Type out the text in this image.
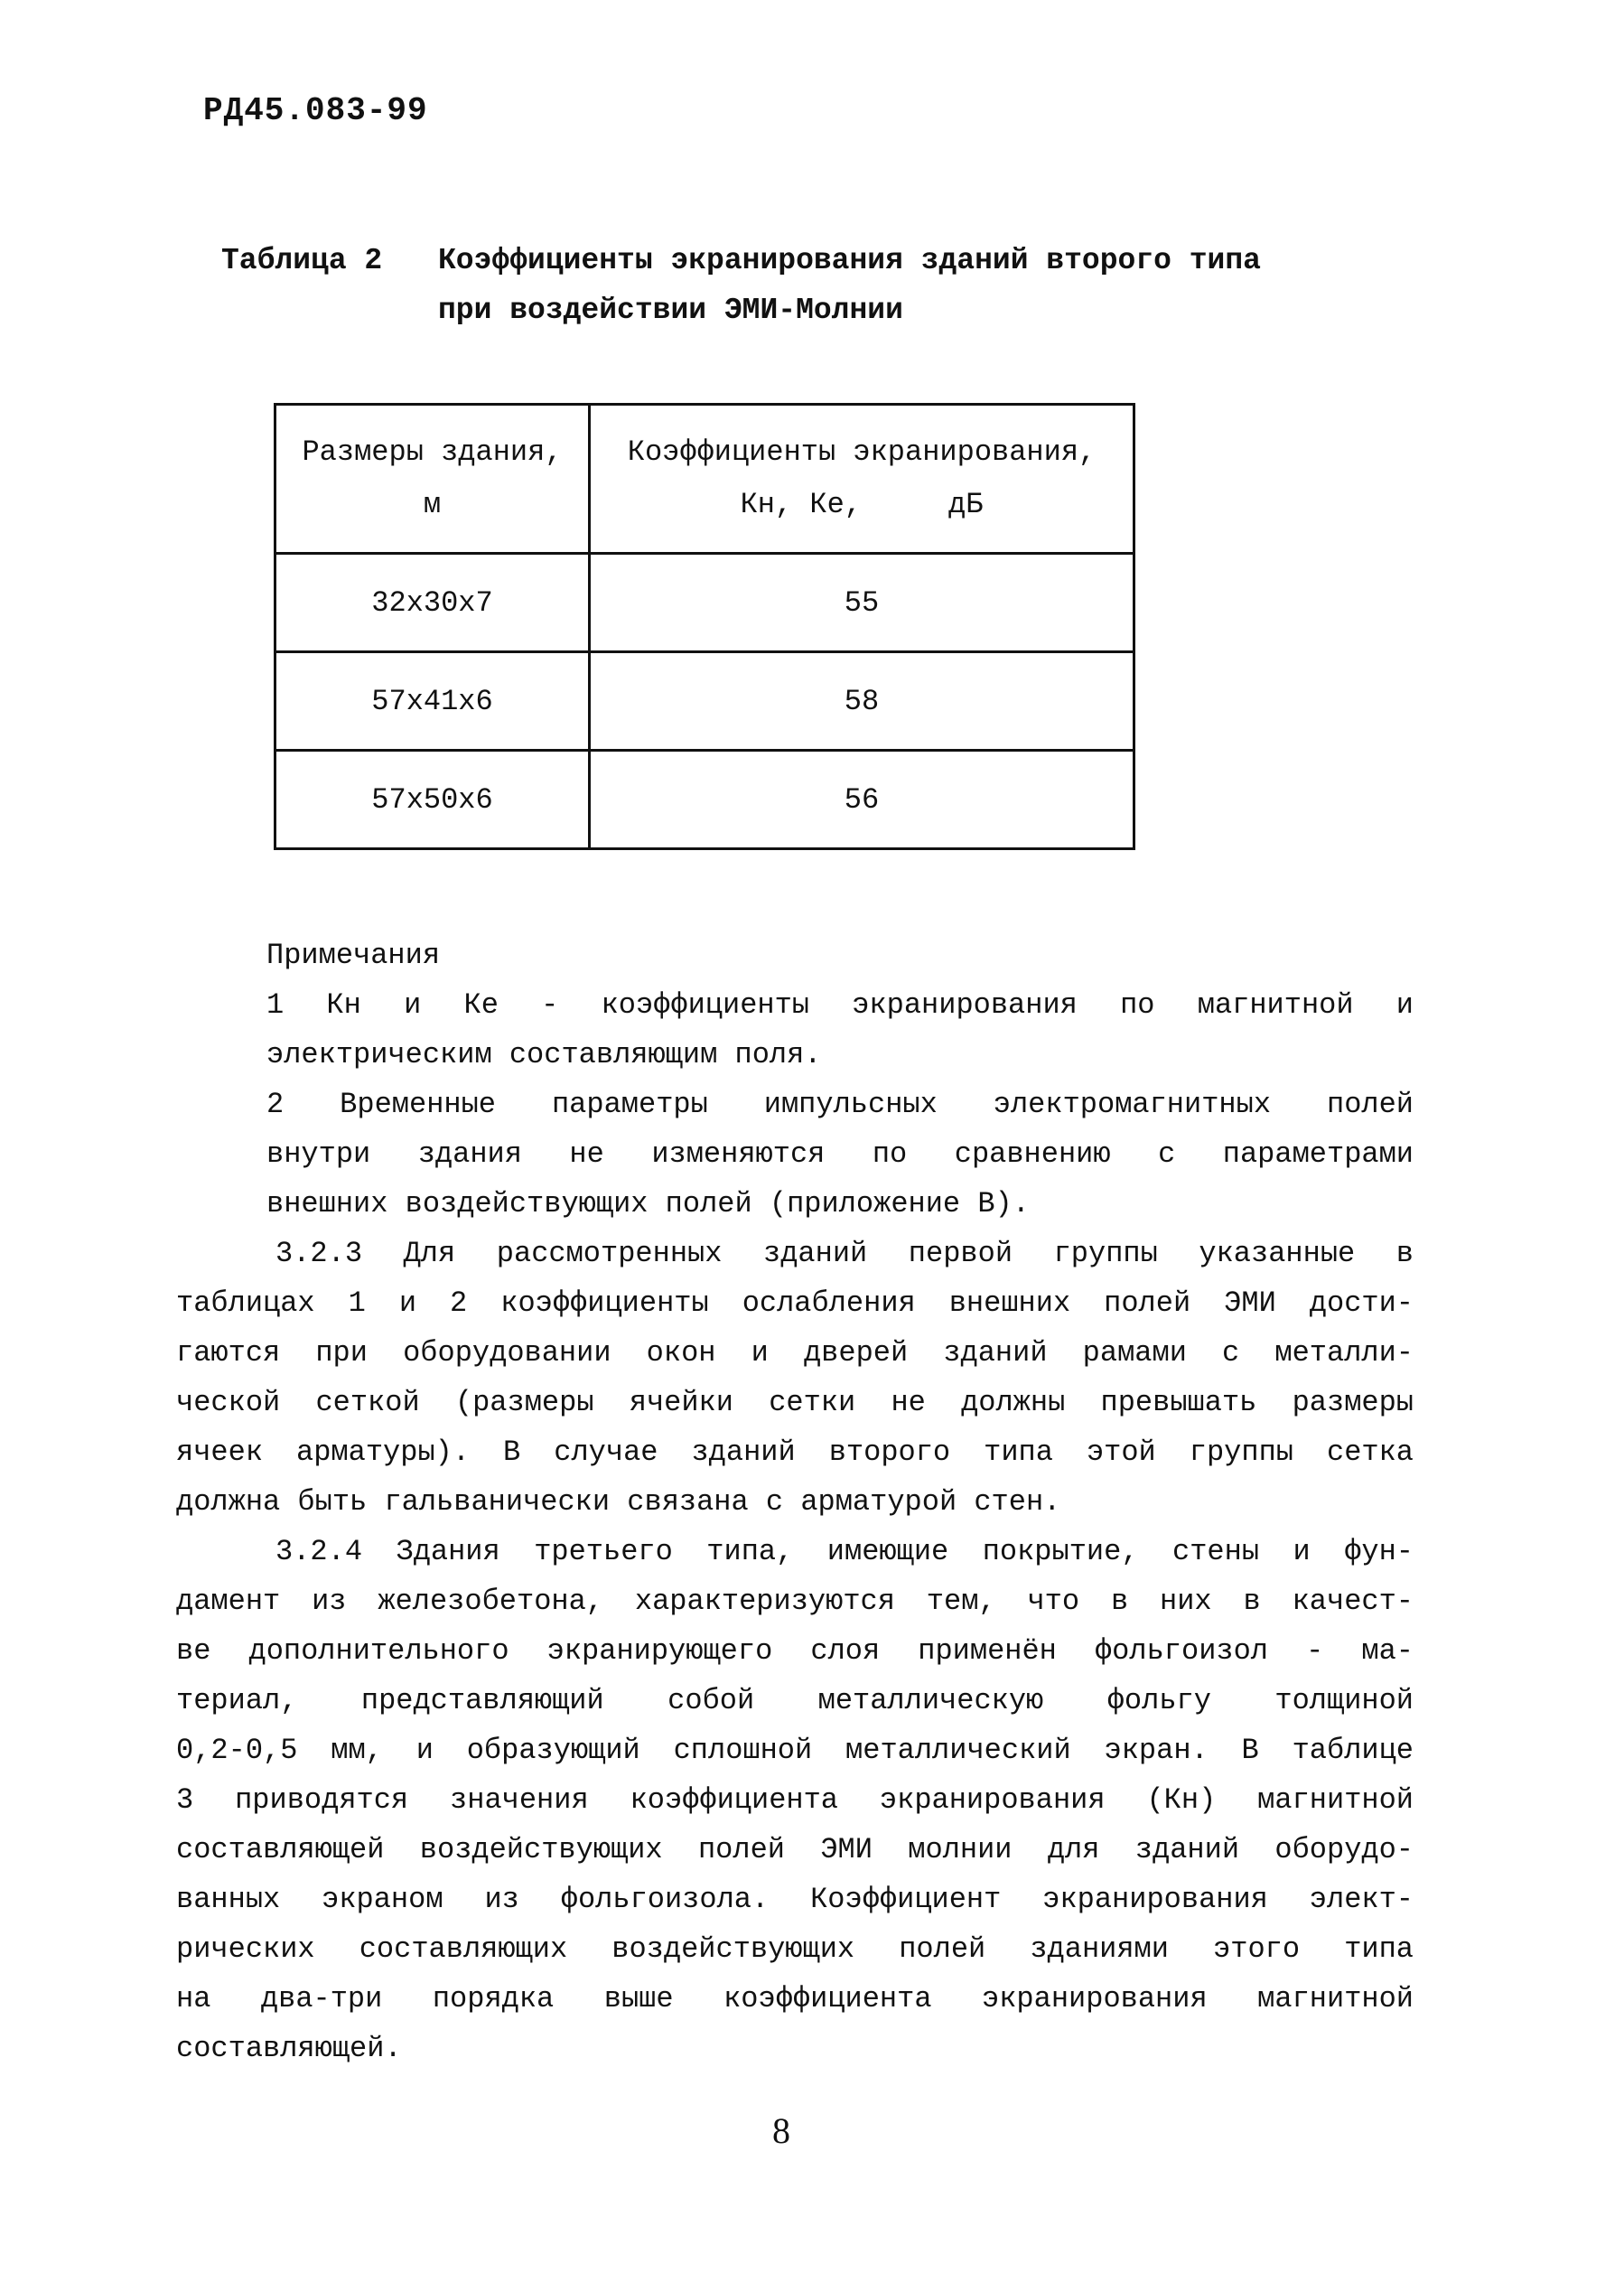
РД45.083-99
Таблица 2 Коэффициенты экранирования зданий второго типа
при воздействии ЭМИ-Молнии
Размеры здания,
м	Коэффициенты экранирования,
Кн, Ке,     дБ

32x30x7	55
57x41x6	58
57x50x6	56
Примечания
1 Кн и Ке - коэффициенты экранирования по магнитной и
электрическим составляющим поля.
2 Временные параметры импульсных электромагнитных полей
внутри здания не изменяются по сравнению с параметрами
внешних воздействующих полей (приложение В).
3.2.3 Для рассмотренных зданий первой группы указанные в
таблицах 1 и 2 коэффициенты ослабления внешних полей ЭМИ дости-
гаются при оборудовании окон и дверей зданий рамами с металли-
ческой сеткой (размеры ячейки сетки не должны превышать размеры
ячеек арматуры). В случае зданий второго типа этой группы сетка
должна быть гальванически связана с арматурой стен.
3.2.4 Здания третьего типа, имеющие покрытие, стены и фун-
дамент из железобетона, характеризуются тем, что в них в качест-
ве дополнительного экранирующего слоя применён фольгоизол - ма-
териал, представляющий собой металлическую фольгу толщиной
0,2-0,5 мм, и образующий сплошной металлический экран. В таблице
3 приводятся значения коэффициента экранирования (Кн) магнитной
составляющей воздействующих полей ЭМИ молнии для зданий оборудо-
ванных экраном из фольгоизола. Коэффициент экранирования элект-
рических составляющих воздействующих полей зданиями этого типа
на два-три порядка выше коэффициента экранирования магнитной
составляющей.
8
